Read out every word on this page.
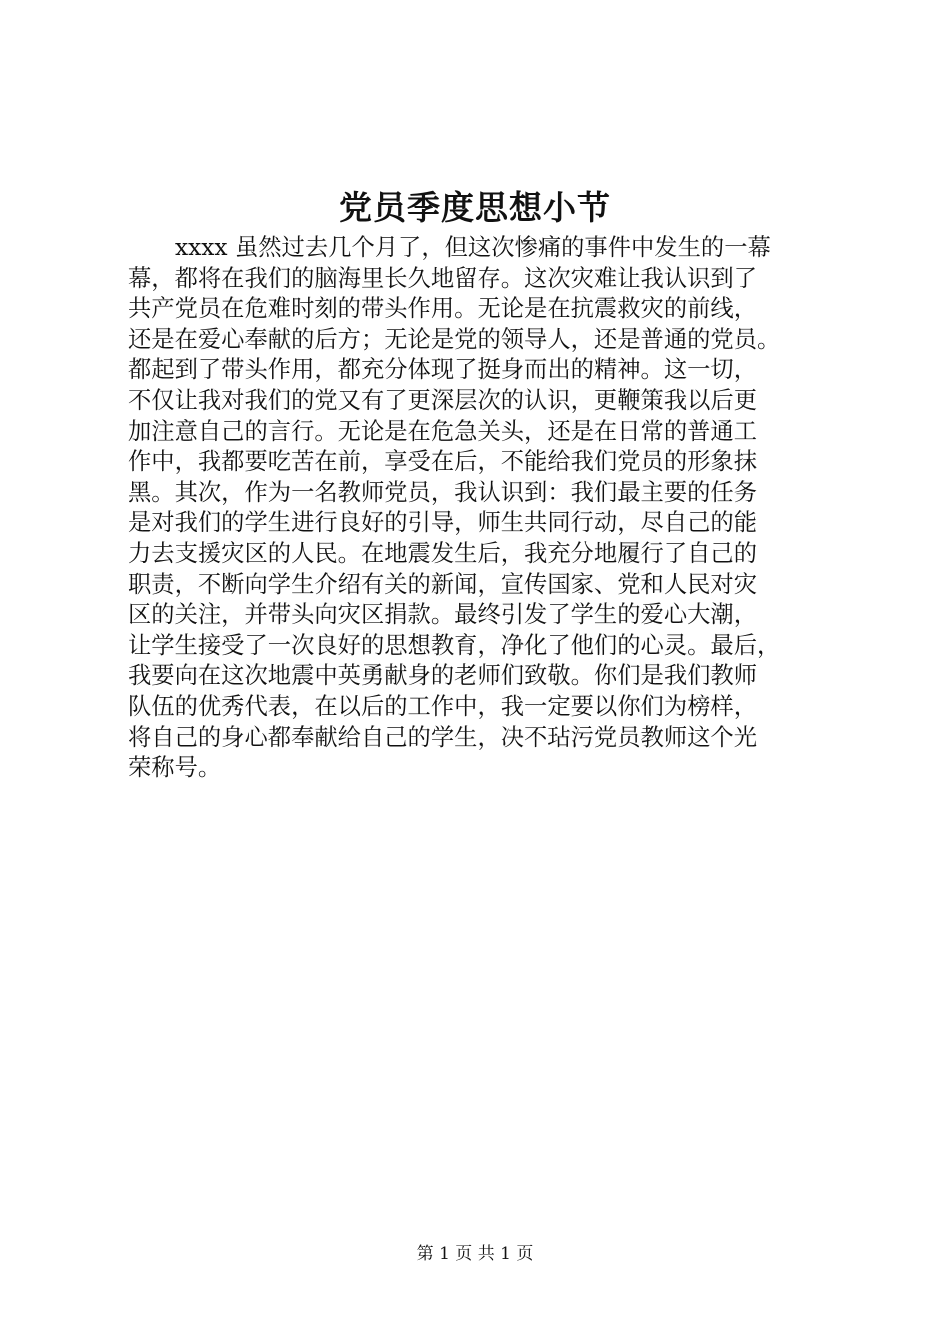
党员季度思想小节
xxxx 虽然过去几个月了，但这次惨痛的事件中发生的一幕
幕，都将在我们的脑海里长久地留存。这次灾难让我认识到了
共产党员在危难时刻的带头作用。无论是在抗震救灾的前线，
还是在爱心奉献的后方；无论是党的领导人，还是普通的党员。
都起到了带头作用，都充分体现了挺身而出的精神。这一切，
不仅让我对我们的党又有了更深层次的认识，更鞭策我以后更
加注意自己的言行。无论是在危急关头，还是在日常的普通工
作中，我都要吃苦在前，享受在后，不能给我们党员的形象抹
黑。其次，作为一名教师党员，我认识到：我们最主要的任务
是对我们的学生进行良好的引导，师生共同行动，尽自己的能
力去支援灾区的人民。在地震发生后，我充分地履行了自己的
职责，不断向学生介绍有关的新闻，宣传国家、党和人民对灾
区的关注，并带头向灾区捐款。最终引发了学生的爱心大潮，
让学生接受了一次良好的思想教育，净化了他们的心灵。最后，
我要向在这次地震中英勇献身的老师们致敬。你们是我们教师
队伍的优秀代表，在以后的工作中，我一定要以你们为榜样，
将自己的身心都奉献给自己的学生，决不玷污党员教师这个光
荣称号。
第 1 页 共 1 页
